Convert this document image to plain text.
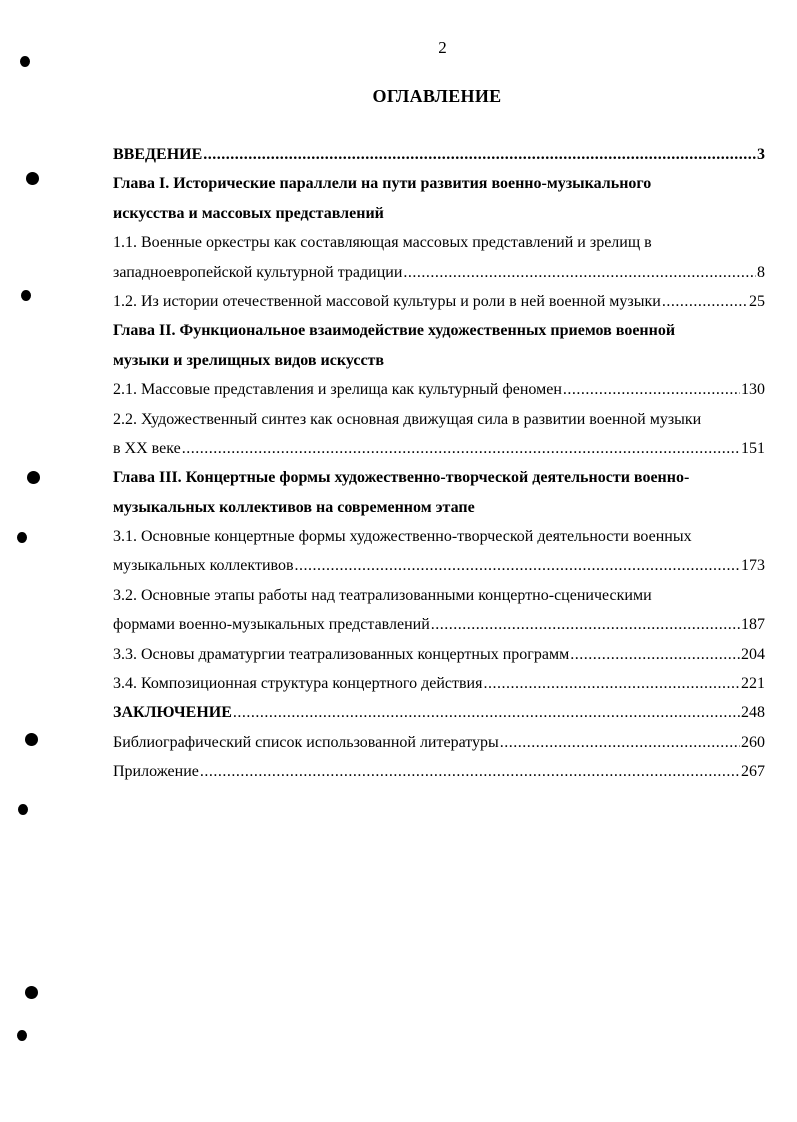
2
ОГЛАВЛЕНИЕ
ВВЕДЕНИЕ .....	3
Глава I. Исторические параллели на пути развития военно-музыкального
искусства и массовых представлений
1.1. Военные оркестры как составляющая массовых представлений и зрелищ в
западноевропейской культурной традиции .....	8
1.2. Из истории отечественной массовой культуры и роли в ней военной музыки .....	25
Глава II. Функциональное взаимодействие художественных приемов военной
музыки и зрелищных видов искусств
2.1. Массовые представления и зрелища как культурный феномен .....	130
2.2. Художественный синтез как основная движущая сила в развитии военной музыки
в XX веке .....	151
Глава III. Концертные формы художественно-творческой деятельности военно-
музыкальных коллективов на современном этапе
3.1. Основные концертные формы художественно-творческой деятельности военных
музыкальных коллективов .....	173
3.2. Основные этапы работы над театрализованными концертно-сценическими
формами военно-музыкальных представлений .....	187
3.3. Основы драматургии театрализованных концертных программ .....	204
3.4. Композиционная структура концертного действия .....	221
ЗАКЛЮЧЕНИЕ .....	248
Библиографический список использованной литературы .....	260
Приложение .....	267
